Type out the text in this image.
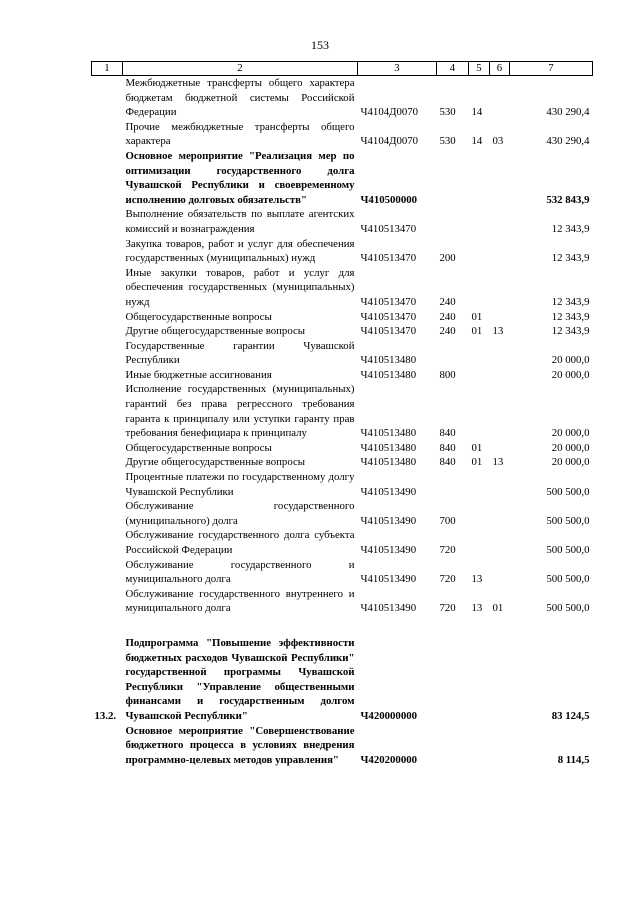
153
1	2	3	4	5	6	7
	Межбюджетные трансферты общего характера бюджетам бюджетной системы Российской Федерации	Ч4104Д0070	530	14		430 290,4
	Прочие межбюджетные трансферты общего характера	Ч4104Д0070	530	14	03	430 290,4
	Основное мероприятие "Реализация мер по оптимизации государственного долга Чувашской Республики и своевременному исполнению долговых обязательств"	Ч410500000				532 843,9
	Выполнение обязательств по выплате агентских комиссий и вознаграждения	Ч410513470				12 343,9
	Закупка товаров, работ и услуг для обеспечения государственных (муниципальных) нужд	Ч410513470	200			12 343,9
	Иные закупки товаров, работ и услуг для обеспечения государственных (муниципальных) нужд	Ч410513470	240			12 343,9
	Общегосударственные вопросы	Ч410513470	240	01		12 343,9
	Другие общегосударственные вопросы	Ч410513470	240	01	13	12 343,9
	Государственные гарантии Чувашской Республики	Ч410513480				20 000,0
	Иные бюджетные ассигнования	Ч410513480	800			20 000,0
	Исполнение государственных (муниципальных) гарантий без права регрессного требования гаранта к принципалу или уступки гаранту прав требования бенефициара к принципалу	Ч410513480	840			20 000,0
	Общегосударственные вопросы	Ч410513480	840	01		20 000,0
	Другие общегосударственные вопросы	Ч410513480	840	01	13	20 000,0
	Процентные платежи по государственному долгу Чувашской Республики	Ч410513490				500 500,0
	Обслуживание государственного (муниципального) долга	Ч410513490	700			500 500,0
	Обслуживание государственного долга субъекта Российской Федерации	Ч410513490	720			500 500,0
	Обслуживание государственного и муниципального долга	Ч410513490	720	13		500 500,0
	Обслуживание государственного внутреннего и муниципального долга	Ч410513490	720	13	01	500 500,0

13.2.	Подпрограмма "Повышение эффективности бюджетных расходов Чувашской Республики" государственной программы Чувашской Республики "Управление общественными финансами и государственным долгом Чувашской Республики"	Ч420000000				83 124,5
	Основное мероприятие "Совершенствование бюджетного процесса в условиях внедрения программно-целевых методов управления"	Ч420200000				8 114,5
